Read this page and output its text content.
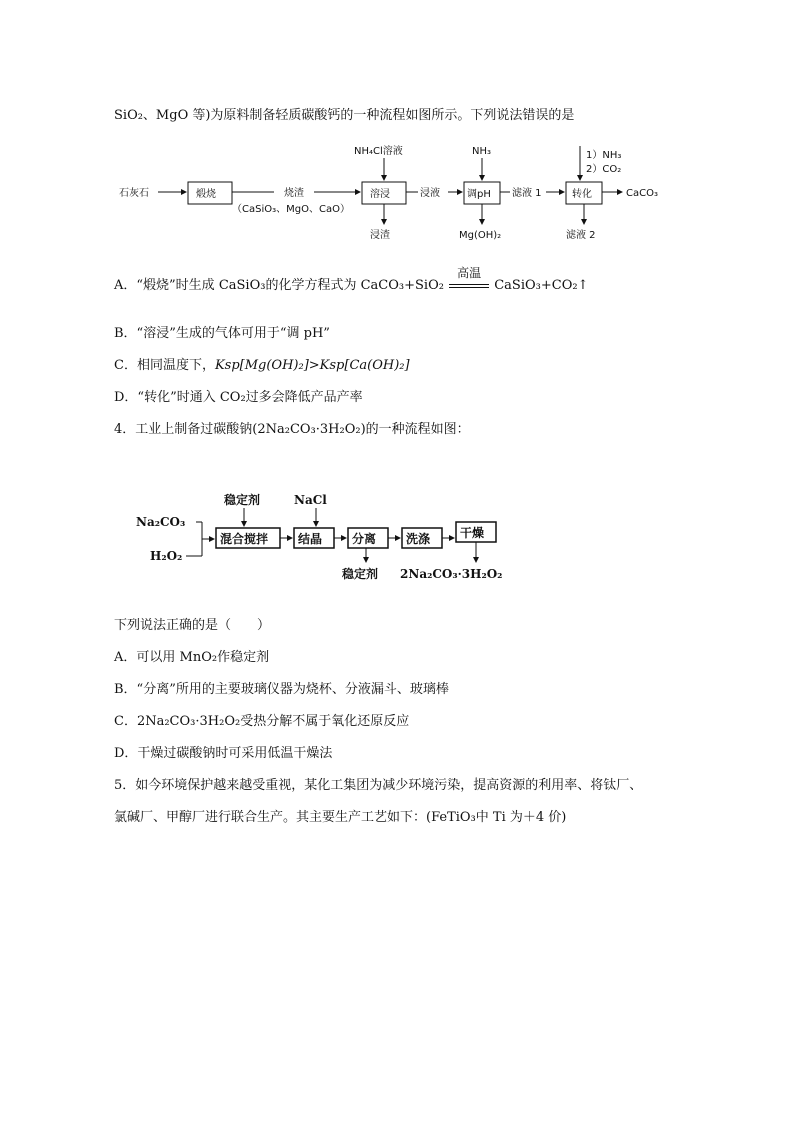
SiO₂、MgO 等)为原料制备轻质碳酸钙的一种流程如图所示。下列说法错误的是
石灰石	煅烧	烧渣
（CaSiO₃、MgO、CaO）
NH₄Cl溶液
溶浸
浸渣
浸液
NH₃
调pH
Mg(OH)₂
滤液 1
1）NH₃
2）CO₂
转化
滤液 2
CaCO₃
A．“煅烧”时生成 CaSiO₃的化学方程式为 CaCO₃+SiO₂
高温
CaSiO₃+CO₂↑
B．“溶浸”生成的气体可用于“调 pH”
C．相同温度下，Ksp[Mg(OH)₂]>Ksp[Ca(OH)₂]
D．“转化”时通入 CO₂过多会降低产品产率
4．工业上制备过碳酸钠(2Na₂CO₃·3H₂O₂)的一种流程如图：
Na₂CO₃
H₂O₂
稳定剂
混合搅拌
NaCl
结晶 分离
稳定剂
洗涤 干燥
2Na₂CO₃·3H₂O₂
下列说法正确的是（　　）
A．可以用 MnO₂作稳定剂
B．“分离”所用的主要玻璃仪器为烧杯、分液漏斗、玻璃棒
C．2Na₂CO₃·3H₂O₂受热分解不属于氧化还原反应
D．干燥过碳酸钠时可采用低温干燥法
5．如今环境保护越来越受重视，某化工集团为减少环境污染，提高资源的利用率、将钛厂、
氯碱厂、甲醇厂进行联合生产。其主要生产工艺如下：(FeTiO₃中 Ti 为＋4 价)
